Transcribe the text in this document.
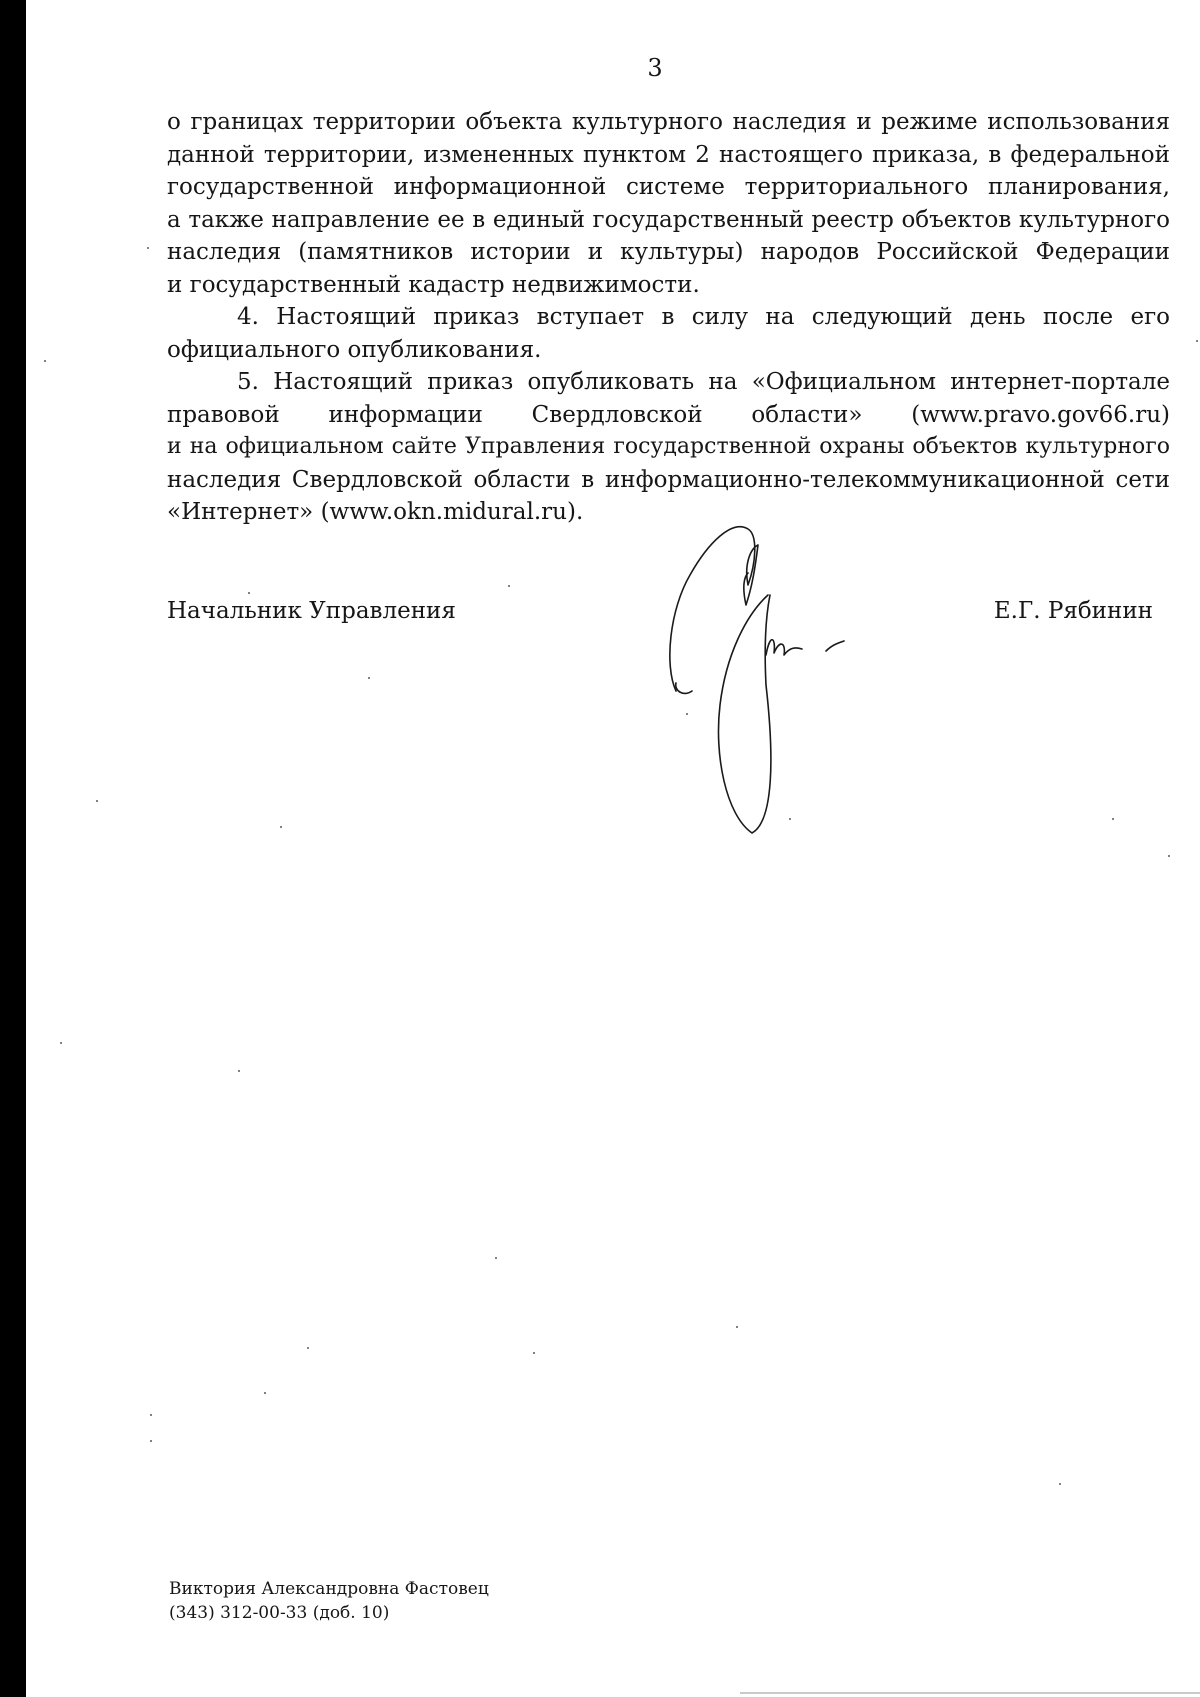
3
о границах территории объекта культурного наследия и режиме использования
данной территории, измененных пунктом 2 настоящего приказа, в федеральной
государственной информационной системе территориального планирования,
а также направление ее в единый государственный реестр объектов культурного
наследия (памятников истории и культуры) народов Российской Федерации
и государственный кадастр недвижимости.
4. Настоящий приказ вступает в силу на следующий день после его
официального опубликования.
5. Настоящий приказ опубликовать на «Официальном интернет-портале
правовой информации Свердловской области» (www.pravo.gov66.ru)
и на официальном сайте Управления государственной охраны объектов культурного
наследия Свердловской области в информационно-телекоммуникационной сети
«Интернет» (www.okn.midural.ru).
Начальник Управления	Е.Г. Рябинин
Виктория Александровна Фастовец
(343) 312-00-33 (доб. 10)
